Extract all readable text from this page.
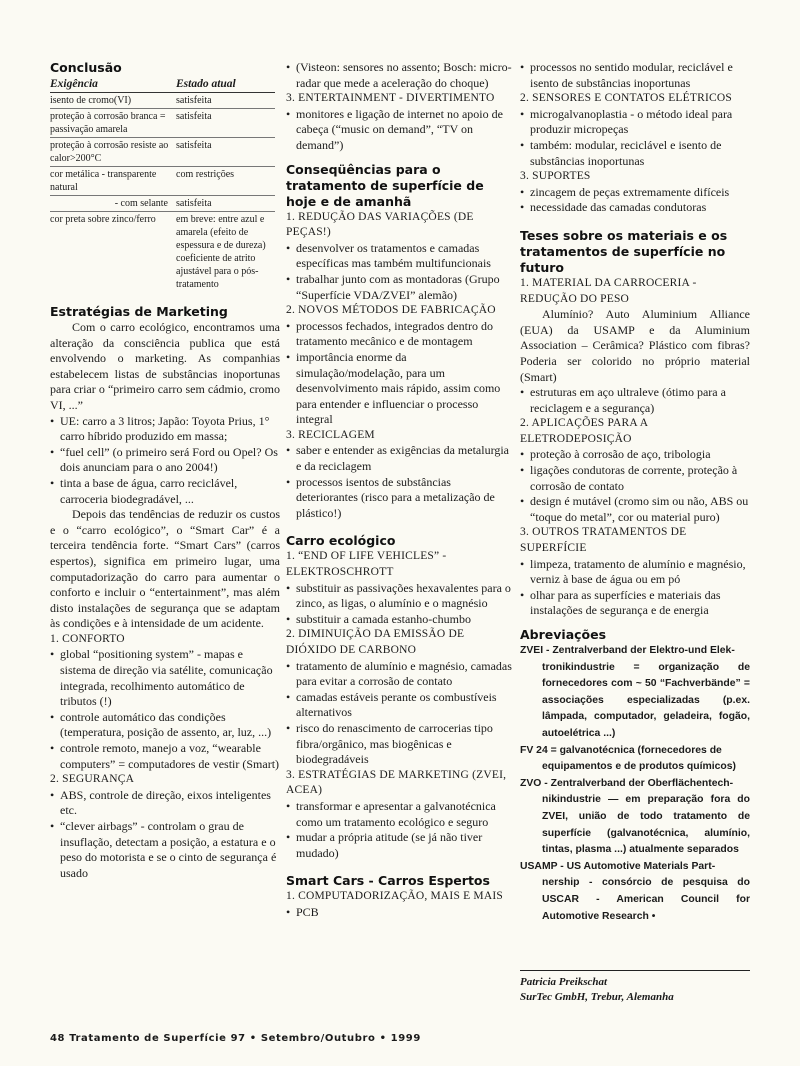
Conclusão
Exigência	Estado atual
isento de cromo(VI)	satisfeita
proteção à corrosão branca = passivação amarela	satisfeita
proteção à corrosão resiste ao calor>200°C	satisfeita
cor metálica - transparente natural	com restrições
- com selante	satisfeita
cor preta sobre zinco/ferro	em breve: entre azul e amarela (efeito de espessura e de dureza) coeficiente de atrito ajustável para o pós-tratamento
Estratégias de Marketing
Com o carro ecológico, encontramos uma alteração da consciência publica que está envolvendo o marketing. As companhias estabelecem listas de substâncias inoportunas para criar o “primeiro carro sem cádmio, cromo VI, ...”
• UE: carro a 3 litros; Japão: Toyota Prius, 1° carro híbrido produzido em massa;
• “fuel cell” (o primeiro será Ford ou Opel? Os dois anunciam para o ano 2004!)
• tinta a base de água, carro reciclável, carroceria biodegradável, ...
Depois das tendências de reduzir os custos e o “carro ecológico”, o “Smart Car” é a terceira tendência forte. “Smart Cars” (carros espertos), significa em primeiro lugar, uma computadorização do carro para aumentar o conforto e incluir o “entertainment”, mas além disto instalações de segurança que se adaptam às condições e à intensidade de um acidente.
1. CONFORTO
• global “positioning system” - mapas e sistema de direção via satélite, comunicação integrada, recolhimento automático de tributos (!)
• controle automático das condições (temperatura, posição de assento, ar, luz, ...)
• controle remoto, manejo a voz, “wearable computers” = computadores de vestir (Smart)
2. SEGURANÇA
• ABS, controle de direção, eixos inteligentes etc.
• “clever airbags” - controlam o grau de insuflação, detectam a posição, a estatura e o peso do motorista e se o cinto de segurança é usado
• (Visteon: sensores no assento; Bosch: micro-radar que mede a aceleração do choque)
3. ENTERTAINMENT - DIVERTIMENTO
• monitores e ligação de internet no apoio de cabeça (“music on demand”, “TV on demand”)
Conseqüências para o tratamento de superfície de hoje e de amanhã
1. REDUÇÃO DAS VARIAÇÕES (DE PEÇAS!)
• desenvolver os tratamentos e camadas específicas mas também multifuncionais
• trabalhar junto com as montadoras (Grupo “Superfície VDA/ZVEI” alemão)
2. NOVOS MÉTODOS DE FABRICAÇÃO
• processos fechados, integrados dentro do tratamento mecânico e de montagem
• importância enorme da simulação/modelação, para um desenvolvimento mais rápido, assim como para entender e influenciar o processo integral
3. RECICLAGEM
• saber e entender as exigências da metalurgia e da reciclagem
• processos isentos de substâncias deteriorantes (risco para a metalização de plástico!)
Carro ecológico
1. “END OF LIFE VEHICLES” - ELEKTROSCHROTT
• substituir as passivações hexavalentes para o zinco, as ligas, o alumínio e o magnésio
• substituir a camada estanho-chumbo
2. DIMINUIÇÃO DA EMISSÃO DE DIÓXIDO DE CARBONO
• tratamento de alumínio e magnésio, camadas para evitar a corrosão de contato
• camadas estáveis perante os combustíveis alternativos
• risco do renascimento de carrocerias tipo fibra/orgânico, mas biogênicas e biodegradáveis
3. ESTRATÉGIAS DE MARKETING (ZVEI, ACEA)
• transformar e apresentar a galvanotécnica como um tratamento ecológico e seguro
• mudar a própria atitude (se já não tiver mudado)
Smart Cars - Carros Espertos
1. COMPUTADORIZAÇÃO, MAIS E MAIS
• PCB
• processos no sentido modular, reciclável e isento de substâncias inoportunas
2. SENSORES E CONTATOS ELÉTRICOS
• microgalvanoplastia - o método ideal para produzir micropeças
• também: modular, reciclável e isento de substâncias inoportunas
3. SUPORTES
• zincagem de peças extremamente difíceis
• necessidade das camadas condutoras
Teses sobre os materiais e os tratamentos de superfície no futuro
1. MATERIAL DA CARROCERIA - REDUÇÃO DO PESO
Alumínio? Auto Aluminium Alliance (EUA) da USAMP e da Aluminium Association – Cerâmica? Plástico com fibras? Poderia ser colorido no próprio material (Smart)
• estruturas em aço ultraleve (ótimo para a reciclagem e a segurança)
2. APLICAÇÕES PARA A ELETRODEPOSIÇÃO
• proteção à corrosão de aço, tribologia
• ligações condutoras de corrente, proteção à corrosão de contato
• design é mutável (cromo sim ou não, ABS ou “toque do metal”, cor ou material puro)
3. OUTROS TRATAMENTOS DE SUPERFÍCIE
• limpeza, tratamento de alumínio e magnésio, verniz à base de água ou em pó
• olhar para as superfícies e materiais das instalações de segurança e de energia
Abreviações
ZVEI - Zentralverband der Elektro-und Elek-
tronikindustrie = organização de fornecedores com ~ 50 “Fachverbände” = associações especializadas (p.ex. lâmpada, computador, geladeira, fogão, autoelétrica ...)
FV 24 = galvanotécnica (fornecedores de
equipamentos e de produtos químicos)
ZVO - Zentralverband der Oberflächentech-
nikindustrie — em preparação fora do ZVEI, união de todo tratamento de superfície (galvanotécnica, alumínio, tintas, plasma ...) atualmente separados
USAMP - US Automotive Materials Part-
nership - consórcio de pesquisa do USCAR - American Council for Automotive Research •
Patricia Preikschat
SurTec GmbH, Trebur, Alemanha
48 Tratamento de Superfície 97 • Setembro/Outubro • 1999
